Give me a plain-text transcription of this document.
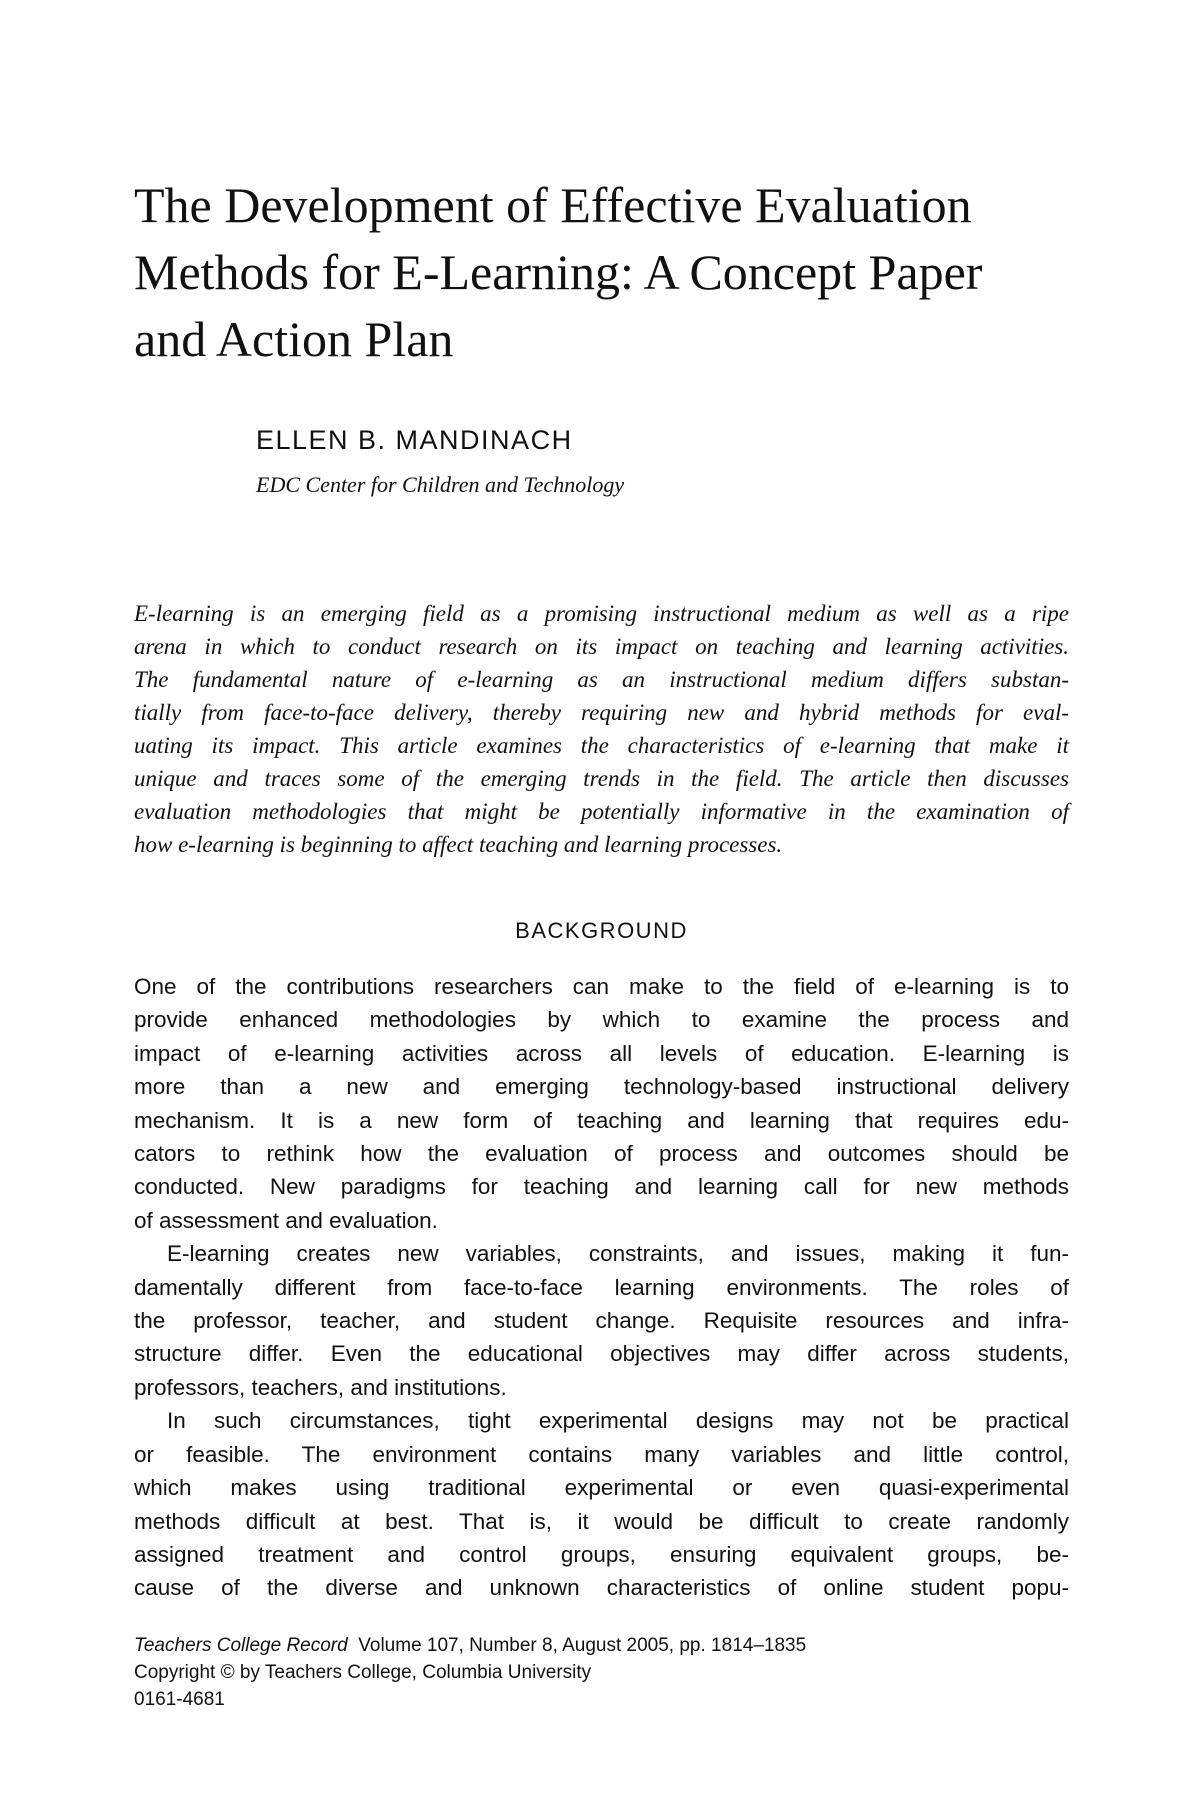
The Development of Effective Evaluation
Methods for E-Learning: A Concept Paper
and Action Plan
ELLEN B. MANDINACH
EDC Center for Children and Technology
E-learning is an emerging field as a promising instructional medium as well as a ripe
arena in which to conduct research on its impact on teaching and learning activities.
The fundamental nature of e-learning as an instructional medium differs substan-
tially from face-to-face delivery, thereby requiring new and hybrid methods for eval-
uating its impact. This article examines the characteristics of e-learning that make it
unique and traces some of the emerging trends in the field. The article then discusses
evaluation methodologies that might be potentially informative in the examination of
how e-learning is beginning to affect teaching and learning processes.
BACKGROUND
One of the contributions researchers can make to the field of e-learning is to
provide enhanced methodologies by which to examine the process and
impact of e-learning activities across all levels of education. E-learning is
more than a new and emerging technology-based instructional delivery
mechanism. It is a new form of teaching and learning that requires edu-
cators to rethink how the evaluation of process and outcomes should be
conducted. New paradigms for teaching and learning call for new methods
of assessment and evaluation.
E-learning creates new variables, constraints, and issues, making it fun-
damentally different from face-to-face learning environments. The roles of
the professor, teacher, and student change. Requisite resources and infra-
structure differ. Even the educational objectives may differ across students,
professors, teachers, and institutions.
In such circumstances, tight experimental designs may not be practical
or feasible. The environment contains many variables and little control,
which makes using traditional experimental or even quasi-experimental
methods difficult at best. That is, it would be difficult to create randomly
assigned treatment and control groups, ensuring equivalent groups, be-
cause of the diverse and unknown characteristics of online student popu-
Teachers College Record Volume 107, Number 8, August 2005, pp. 1814–1835
Copyright © by Teachers College, Columbia University
0161-4681
